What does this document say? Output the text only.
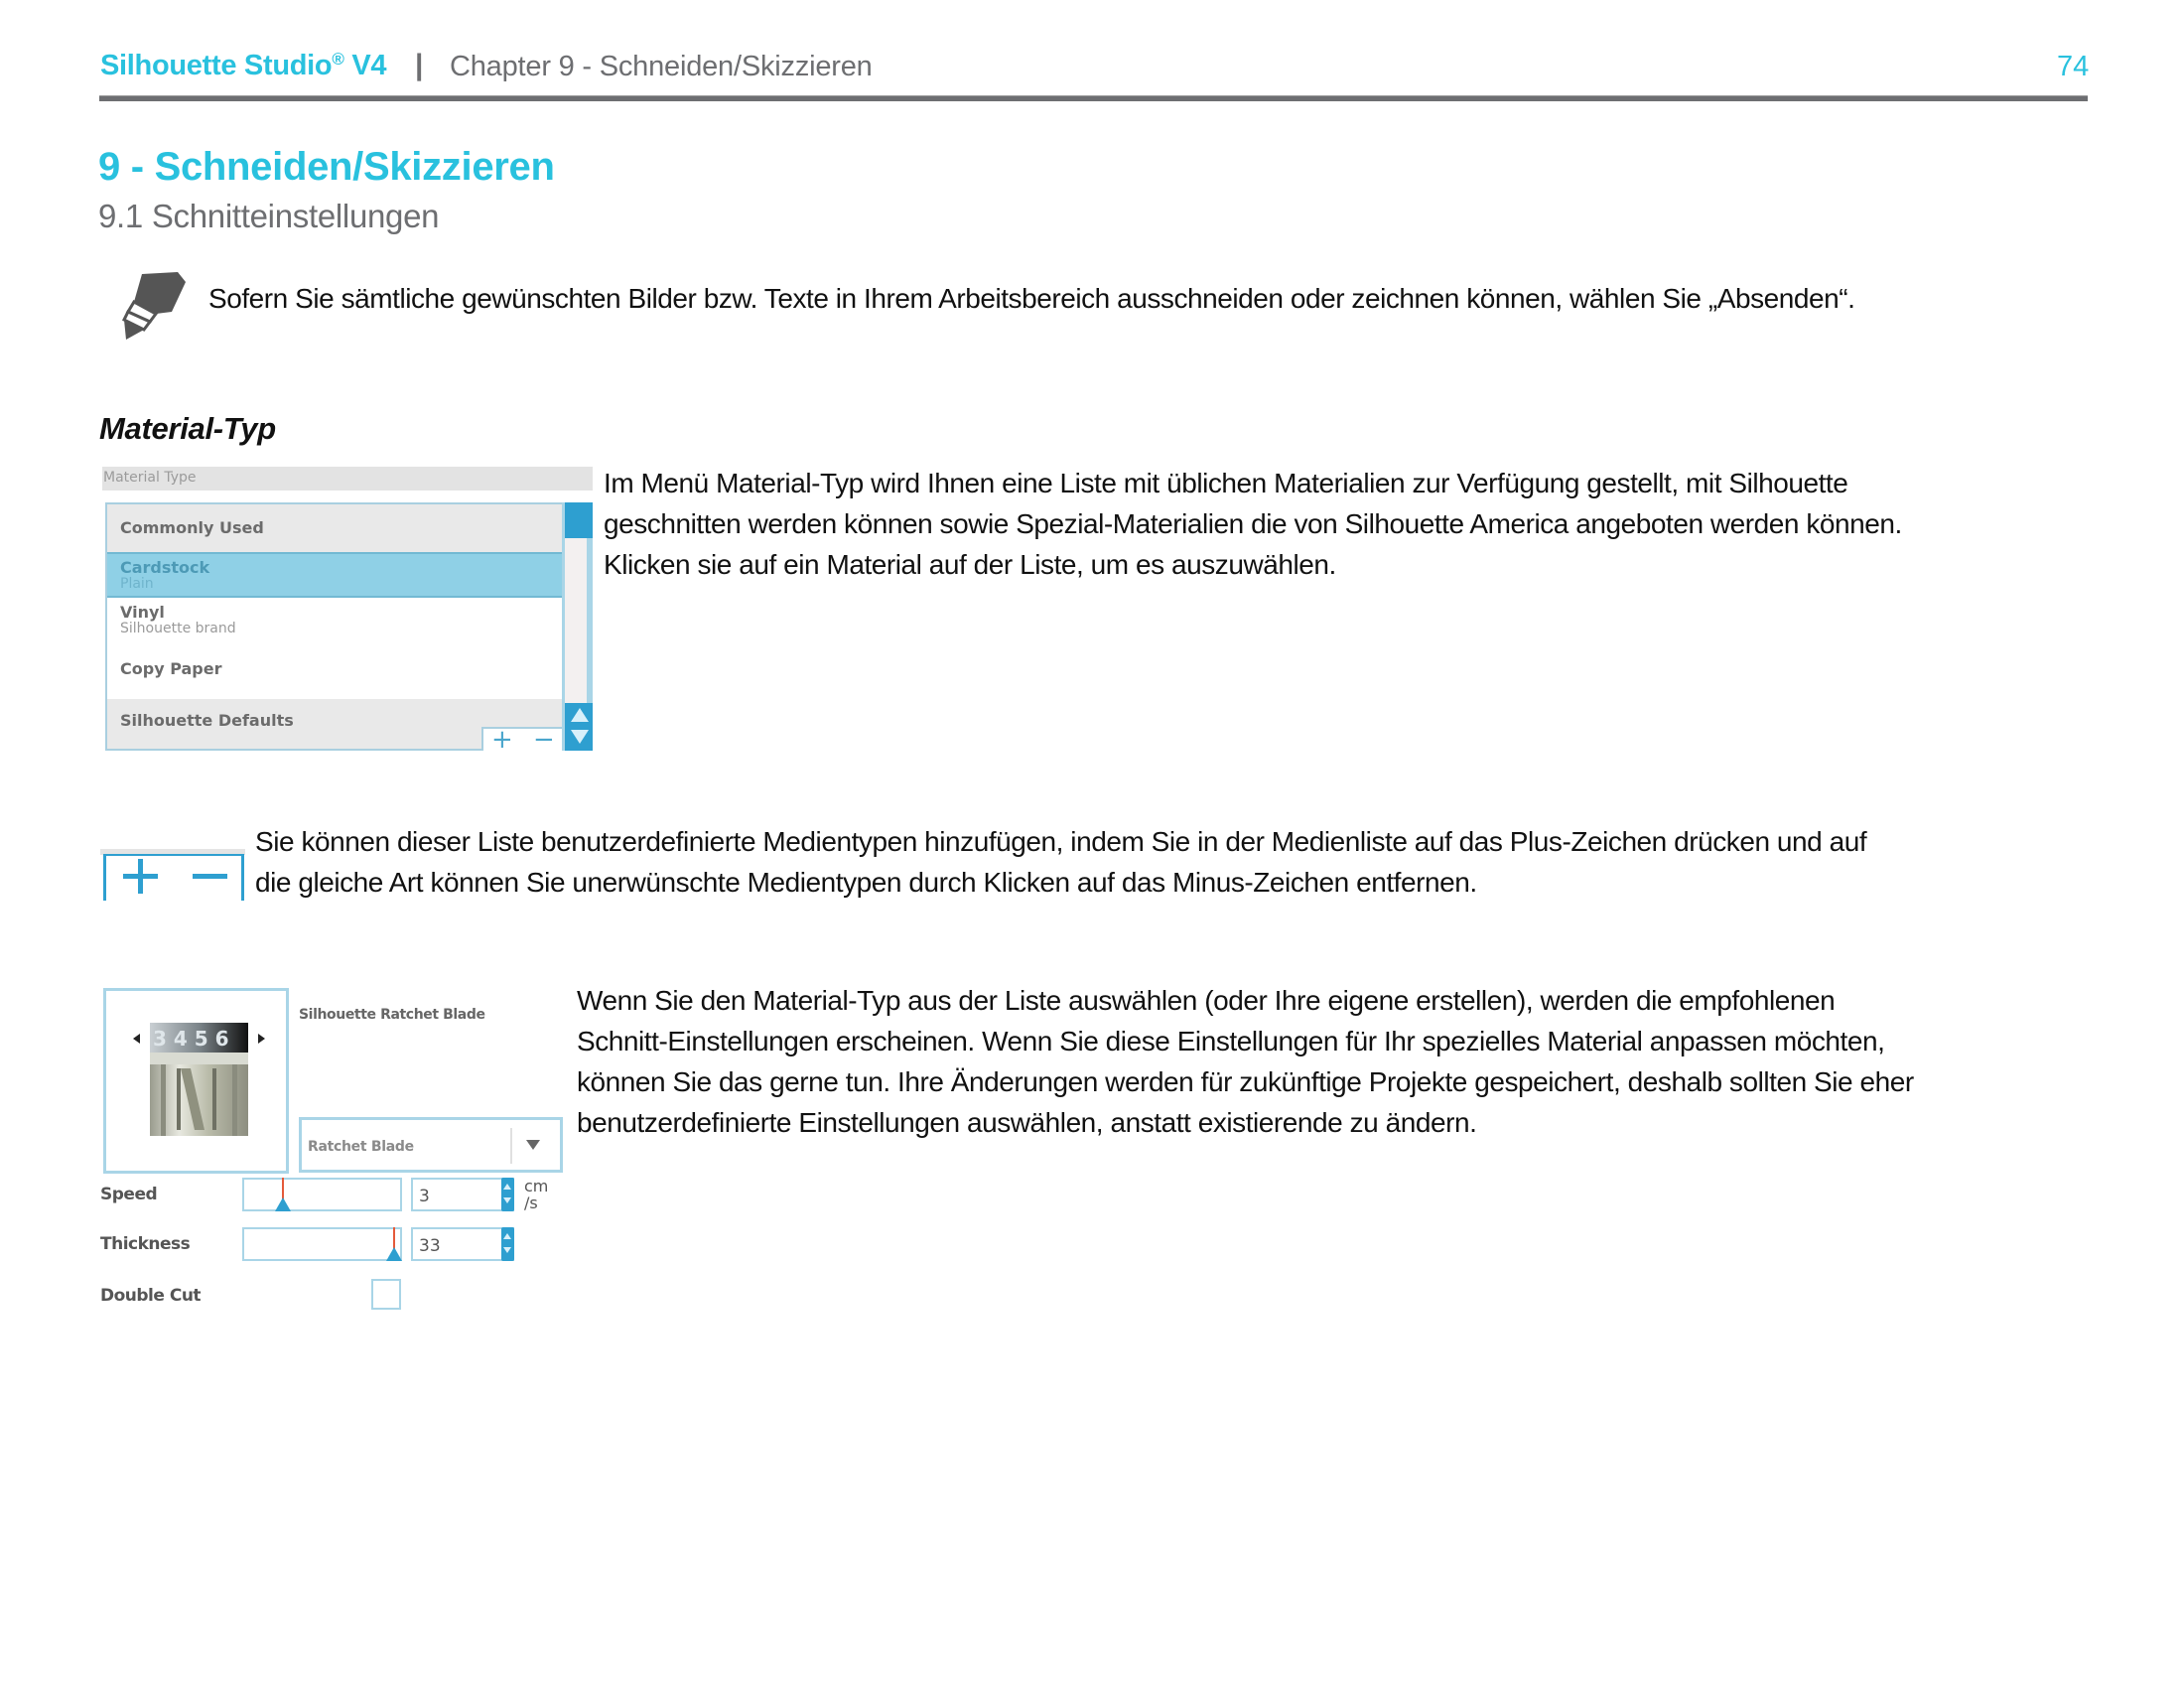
Silhouette Studio® V4 | Chapter 9 - Schneiden/Skizzieren	74
9 - Schneiden/Skizzieren
9.1 Schnitteinstellungen
Sofern Sie sämtliche gewünschten Bilder bzw. Texte in Ihrem Arbeitsbereich ausschneiden oder zeichnen können, wählen Sie „Absenden“.
Material-Typ
Material Type
Commonly Used
Cardstock
Plain
Vinyl
Silhouette brand
Copy Paper
Silhouette Defaults
+ −
Im Menü Material-Typ wird Ihnen eine Liste mit üblichen Materialien zur Verfügung gestellt, mit Silhouette
geschnitten werden können sowie Spezial-Materialien die von Silhouette America angeboten werden können.
Klicken sie auf ein Material auf der Liste, um es auszuwählen.
Sie können dieser Liste benutzerdefinierte Medientypen hinzufügen, indem Sie in der Medienliste auf das Plus-Zeichen drücken und auf
die gleiche Art können Sie unerwünschte Medientypen durch Klicken auf das Minus-Zeichen entfernen.
3 4 5 6
Silhouette Ratchet Blade
Ratchet Blade
Speed	3
cm
/s
Thickness	33
Double Cut
Wenn Sie den Material-Typ aus der Liste auswählen (oder Ihre eigene erstellen), werden die empfohlenen
Schnitt-Einstellungen erscheinen. Wenn Sie diese Einstellungen für Ihr spezielles Material anpassen möchten,
können Sie das gerne tun. Ihre Änderungen werden für zukünftige Projekte gespeichert, deshalb sollten Sie eher
benutzerdefinierte Einstellungen auswählen, anstatt existierende zu ändern.
